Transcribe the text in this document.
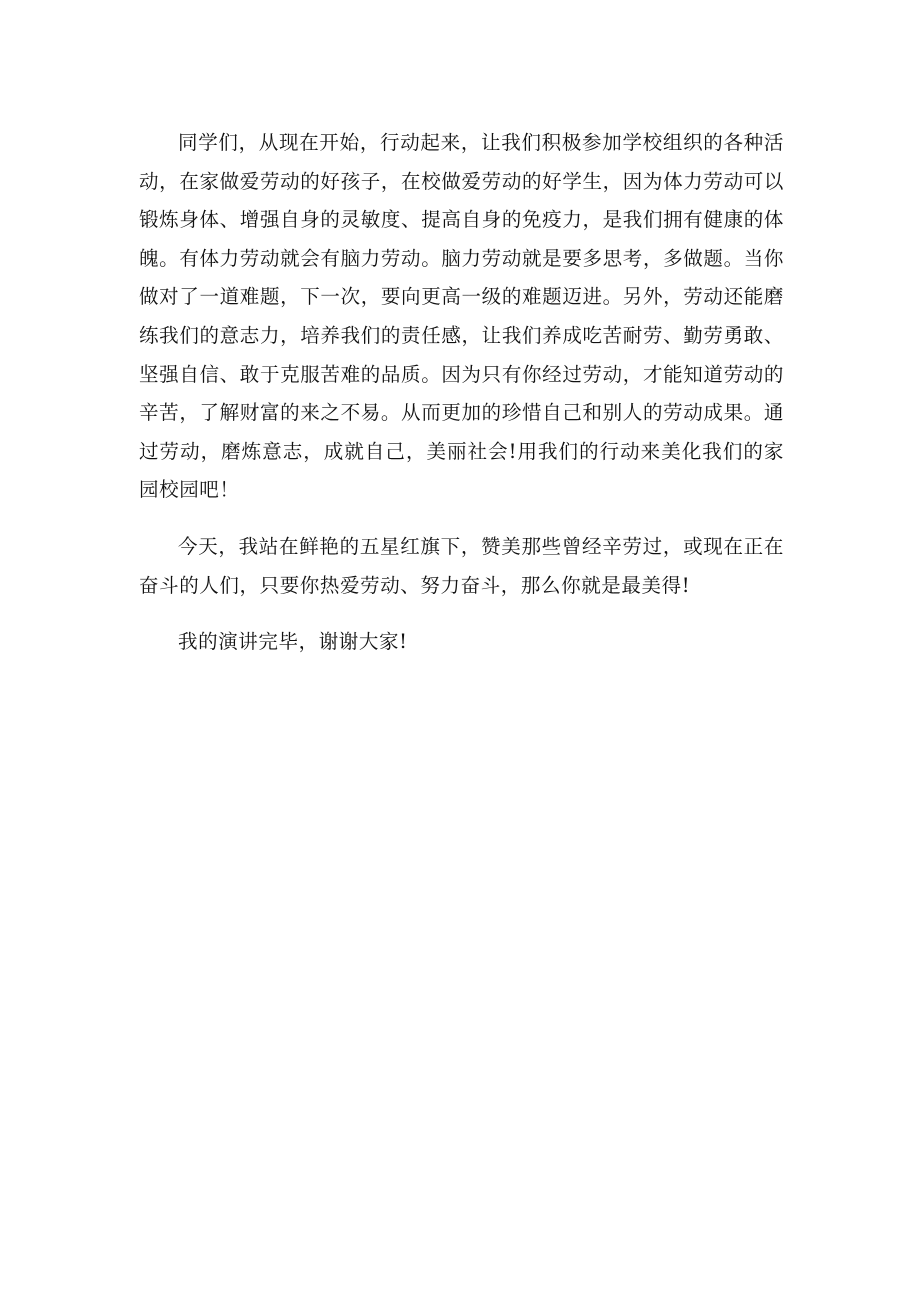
同学们，从现在开始，行动起来，让我们积极参加学校组织的各种活动，在家做爱劳动的好孩子，在校做爱劳动的好学生，因为体力劳动可以锻炼身体、增强自身的灵敏度、提高自身的免疫力，是我们拥有健康的体魄。有体力劳动就会有脑力劳动。脑力劳动就是要多思考，多做题。当你做对了一道难题，下一次，要向更高一级的难题迈进。另外，劳动还能磨练我们的意志力，培养我们的责任感，让我们养成吃苦耐劳、勤劳勇敢、坚强自信、敢于克服苦难的品质。因为只有你经过劳动，才能知道劳动的辛苦，了解财富的来之不易。从而更加的珍惜自己和别人的劳动成果。通过劳动，磨炼意志，成就自己，美丽社会!用我们的行动来美化我们的家园校园吧！

今天，我站在鲜艳的五星红旗下，赞美那些曾经辛劳过，或现在正在奋斗的人们，只要你热爱劳动、努力奋斗，那么你就是最美得!

我的演讲完毕，谢谢大家!
